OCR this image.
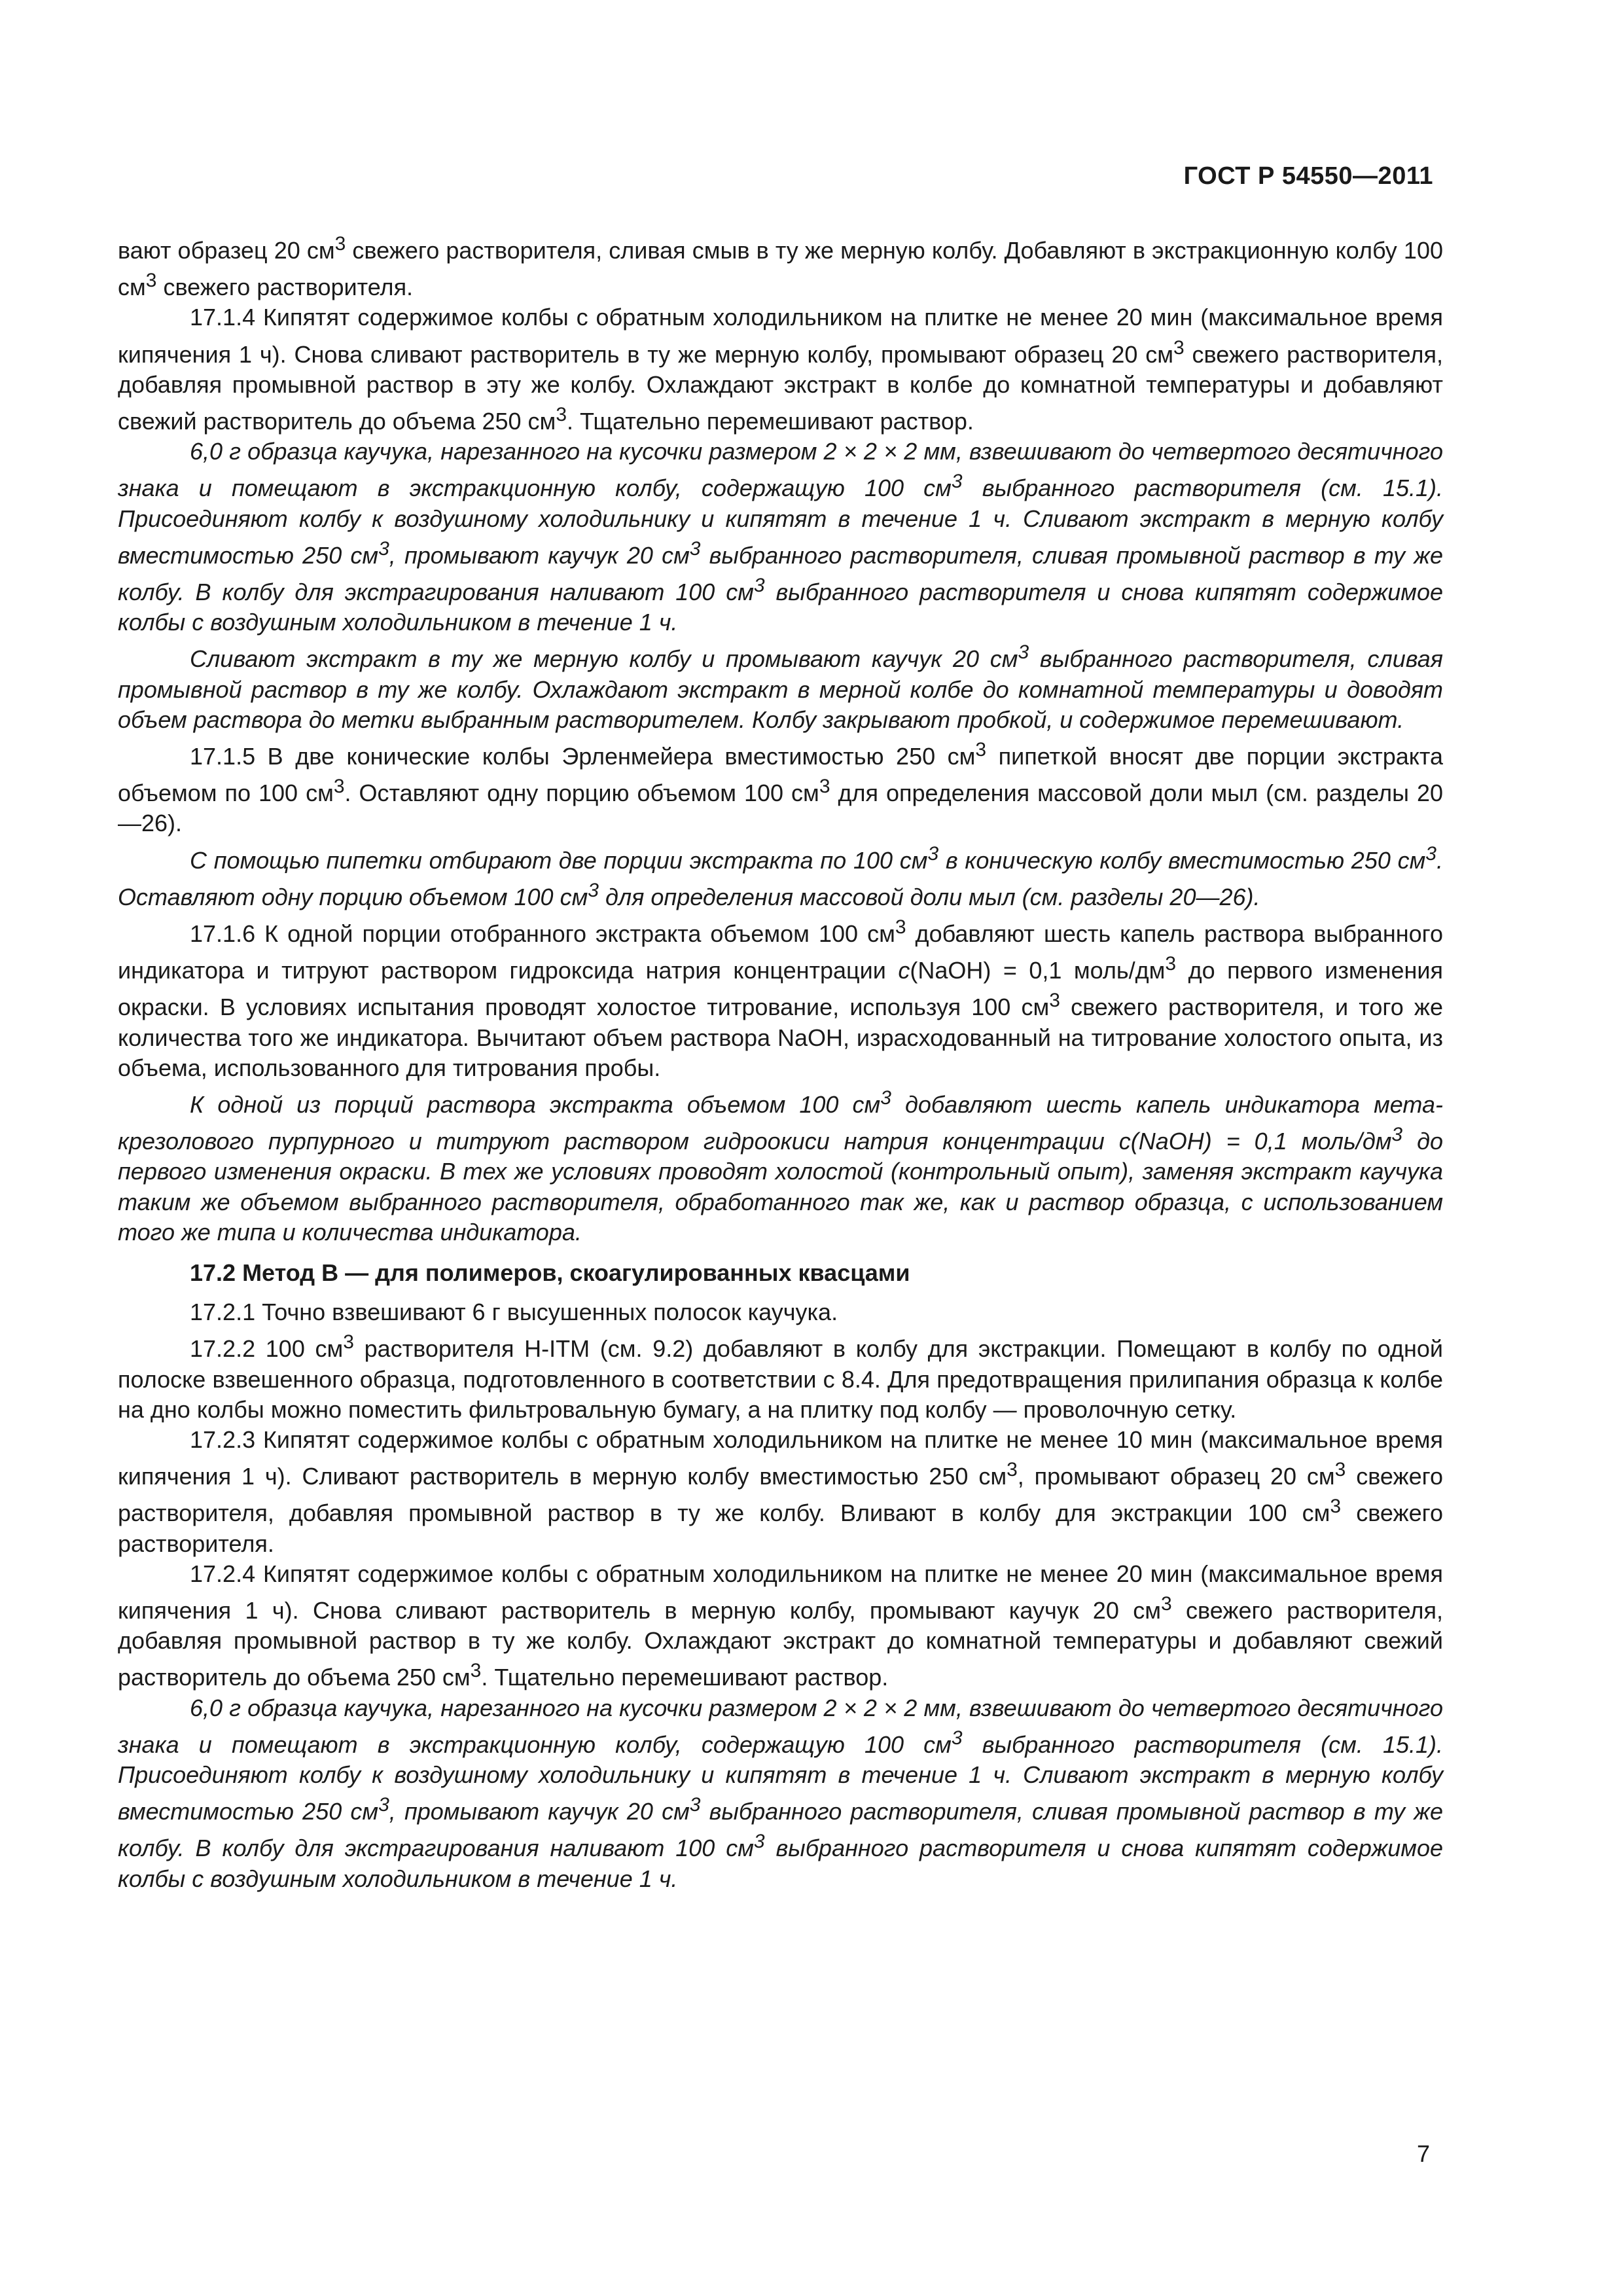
ГОСТ Р 54550—2011

вают образец 20 $см^3$ свежего растворителя, сливая смыв в ту же мерную колбу. Добавляют в экстракционную колбу 100 $см^3$ свежего растворителя.

17.1.4 Кипятят содержимое колбы с обратным холодильником на плитке не менее 20 мин (максимальное время кипячения 1 ч). Снова сливают растворитель в ту же мерную колбу, промывают образец 20 $см^3$ свежего растворителя, добавляя промывной раствор в эту же колбу. Охлаждают экстракт в колбе до комнатной температуры и добавляют свежий растворитель до объема 250 $см^3$. Тщательно перемешивают раствор.

6,0 г образца каучука, нарезанного на кусочки размером 2 × 2 × 2 мм, взвешивают до четвертого десятичного знака и помещают в экстракционную колбу, содержащую 100 $см^3$ выбранного растворителя (см. 15.1). Присоединяют колбу к воздушному холодильнику и кипятят в течение 1 ч. Сливают экстракт в мерную колбу вместимостью 250 $см^3$, промывают каучук 20 $см^3$ выбранного растворителя, сливая промывной раствор в ту же колбу. В колбу для экстрагирования наливают 100 $см^3$ выбранного растворителя и снова кипятят содержимое колбы с воздушным холодильником в течение 1 ч.

Сливают экстракт в ту же мерную колбу и промывают каучук 20 $см^3$ выбранного растворителя, сливая промывной раствор в ту же колбу. Охлаждают экстракт в мерной колбе до комнатной температуры и доводят объем раствора до метки выбранным растворителем. Колбу закрывают пробкой, и содержимое перемешивают.

17.1.5 В две конические колбы Эрленмейера вместимостью 250 $см^3$ пипеткой вносят две порции экстракта объемом по 100 $см^3$. Оставляют одну порцию объемом 100 $см^3$ для определения массовой доли мыл (см. разделы 20—26).

С помощью пипетки отбирают две порции экстракта по 100 $см^3$ в коническую колбу вместимостью 250 $см^3$. Оставляют одну порцию объемом 100 $см^3$ для определения массовой доли мыл (см. разделы 20—26).

17.1.6 К одной порции отобранного экстракта объемом 100 $см^3$ добавляют шесть капель раствора выбранного индикатора и титруют раствором гидроксида натрия концентрации с(NaOH) = 0,1 моль/$дм^3$ до первого изменения окраски. В условиях испытания проводят холостое титрование, используя 100 $см^3$ свежего растворителя, и того же количества того же индикатора. Вычитают объем раствора NaOH, израсходованный на титрование холостого опыта, из объема, использованного для титрования пробы.

К одной из порций раствора экстракта объемом 100 $см^3$ добавляют шесть капель индикатора мета-крезолового пурпурного и титруют раствором гидроокиси натрия концентрации с(NaOH) = 0,1 моль/$дм^3$ до первого изменения окраски. В тех же условиях проводят холостой (контрольный опыт), заменяя экстракт каучука таким же объемом выбранного растворителя, обработанного так же, как и раствор образца, с использованием того же типа и количества индикатора.

17.2 Метод В — для полимеров, скоагулированных квасцами

17.2.1 Точно взвешивают 6 г высушенных полосок каучука.

17.2.2 100 $см^3$ растворителя Н-ITM (см. 9.2) добавляют в колбу для экстракции. Помещают в колбу по одной полоске взвешенного образца, подготовленного в соответствии с 8.4. Для предотвращения прилипания образца к колбе на дно колбы можно поместить фильтровальную бумагу, а на плитку под колбу — проволочную сетку.

17.2.3 Кипятят содержимое колбы с обратным холодильником на плитке не менее 10 мин (максимальное время кипячения 1 ч). Сливают растворитель в мерную колбу вместимостью 250 $см^3$, промывают образец 20 $см^3$ свежего растворителя, добавляя промывной раствор в ту же колбу. Вливают в колбу для экстракции 100 $см^3$ свежего растворителя.

17.2.4 Кипятят содержимое колбы с обратным холодильником на плитке не менее 20 мин (максимальное время кипячения 1 ч). Снова сливают растворитель в мерную колбу, промывают каучук 20 $см^3$ свежего растворителя, добавляя промывной раствор в ту же колбу. Охлаждают экстракт до комнатной температуры и добавляют свежий растворитель до объема 250 $см^3$. Тщательно перемешивают раствор.

6,0 г образца каучука, нарезанного на кусочки размером 2 × 2 × 2 мм, взвешивают до четвертого десятичного знака и помещают в экстракционную колбу, содержащую 100 $см^3$ выбранного растворителя (см. 15.1). Присоединяют колбу к воздушному холодильнику и кипятят в течение 1 ч. Сливают экстракт в мерную колбу вместимостью 250 $см^3$, промывают каучук 20 $см^3$ выбранного растворителя, сливая промывной раствор в ту же колбу. В колбу для экстрагирования наливают 100 $см^3$ выбранного растворителя и снова кипятят содержимое колбы с воздушным холодильником в течение 1 ч.

7
